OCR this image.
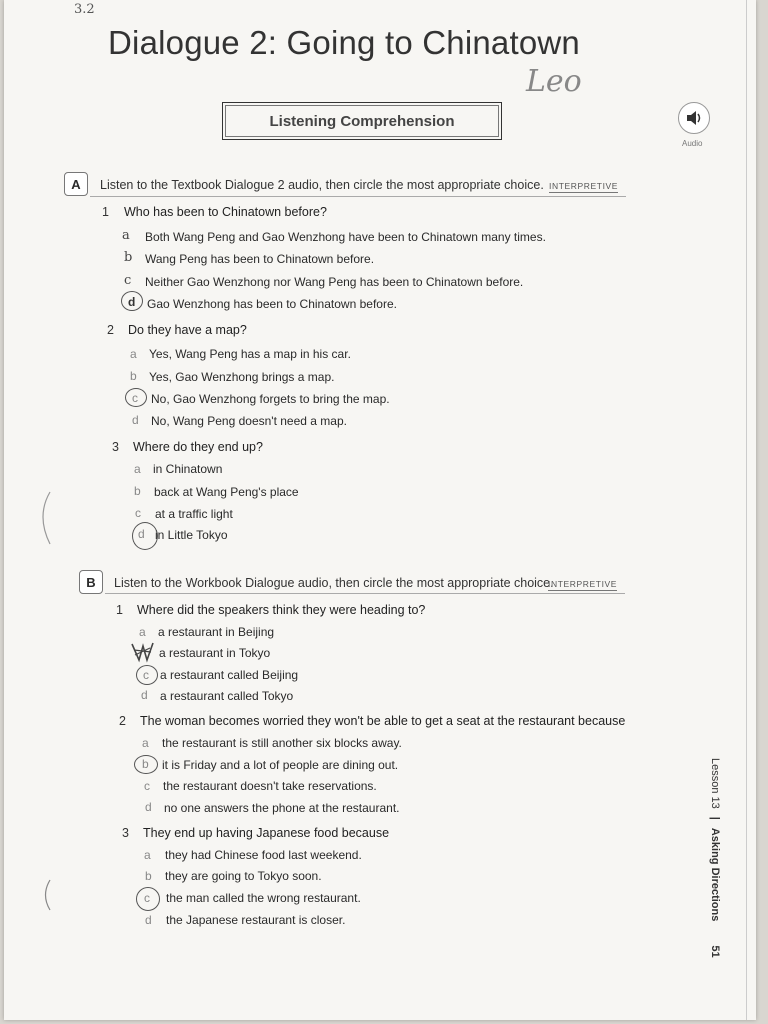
3.2
Dialogue 2: Going to Chinatown
Leo
Listening Comprehension
Audio
A	Listen to the Textbook Dialogue 2 audio, then circle the most appropriate choice. INTERPRETIVE
1 Who has been to Chinatown before?
a Both Wang Peng and Gao Wenzhong have been to Chinatown many times.
b Wang Peng has been to Chinatown before.
c Neither Gao Wenzhong nor Wang Peng has been to Chinatown before.
d Gao Wenzhong has been to Chinatown before.
2 Do they have a map?
a Yes, Wang Peng has a map in his car.
b Yes, Gao Wenzhong brings a map.
c No, Gao Wenzhong forgets to bring the map.
d No, Wang Peng doesn't need a map.
3 Where do they end up?
a in Chinatown
b back at Wang Peng's place
c at a traffic light
d in Little Tokyo
B	Listen to the Workbook Dialogue audio, then circle the most appropriate choice.
INTERPRETIVE
1 Where did the speakers think they were heading to?
a a restaurant in Beijing
a restaurant in Tokyo
c a restaurant called Beijing
d a restaurant called Tokyo
2 The woman becomes worried they won't be able to get a seat at the restaurant because
a the restaurant is still another six blocks away.
b it is Friday and a lot of people are dining out.
c the restaurant doesn't take reservations.
d no one answers the phone at the restaurant.
3 They end up having Japanese food because
a they had Chinese food last weekend.
b they are going to Tokyo soon.
c the man called the wrong restaurant.
d the Japanese restaurant is closer.
Lesson 13
|
Asking Directions
51
